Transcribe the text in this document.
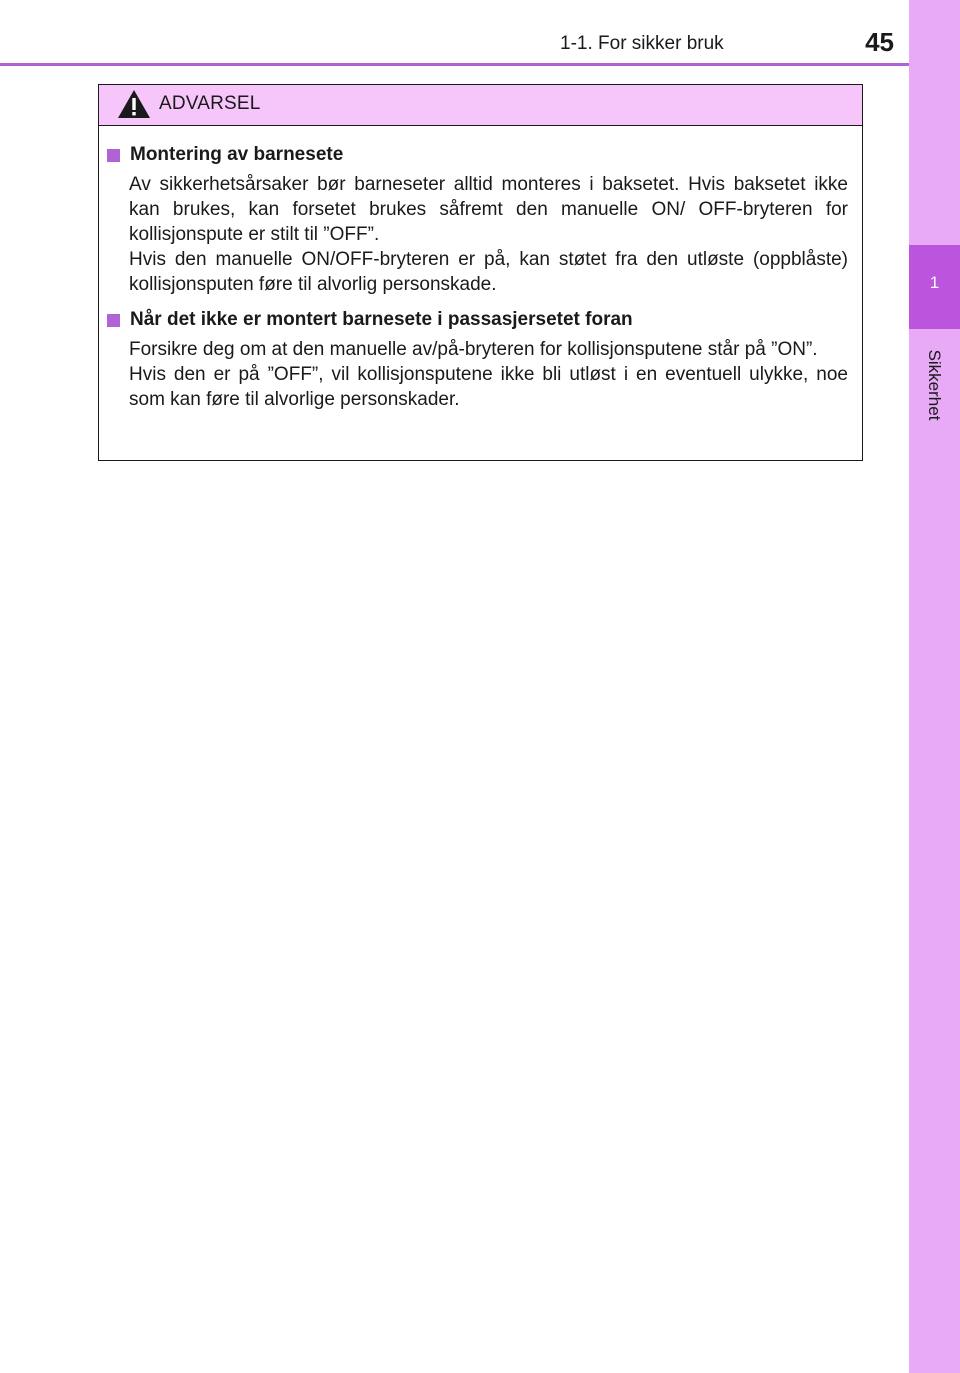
1-1. For sikker bruk	45
1
Sikkerhet
ADVARSEL
Montering av barnesete
Av sikkerhetsårsaker bør barneseter alltid monteres i baksetet. Hvis baksetet ikke kan brukes, kan forsetet brukes såfremt den manuelle ON/ OFF-bryteren for kollisjonspute er stilt til ”OFF”.
Hvis den manuelle ON/OFF-bryteren er på, kan støtet fra den utløste (oppblåste) kollisjonsputen føre til alvorlig personskade.
Når det ikke er montert barnesete i passasjersetet foran
Forsikre deg om at den manuelle av/på-bryteren for kollisjonsputene står på ”ON”.
Hvis den er på ”OFF”, vil kollisjonsputene ikke bli utløst i en eventuell ulykke, noe som kan føre til alvorlige personskader.
